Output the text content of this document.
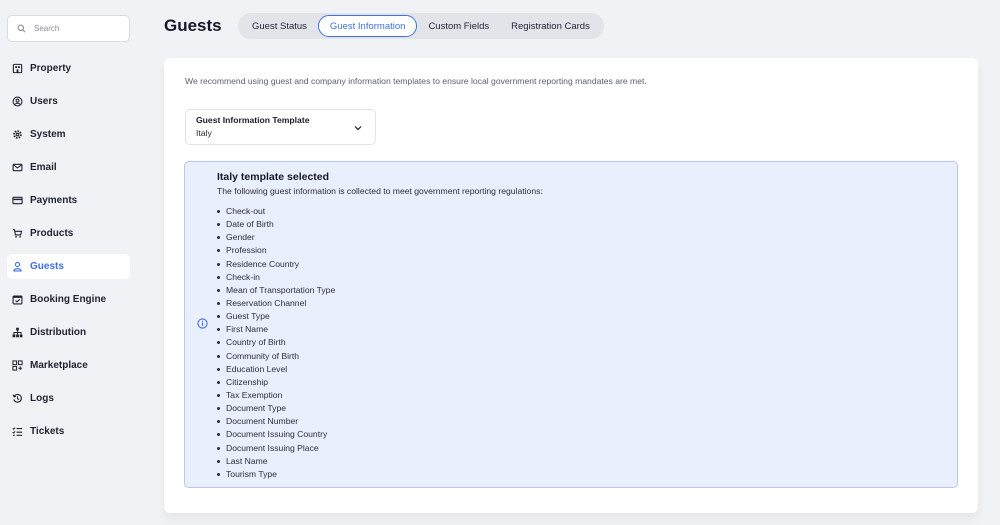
Search
Property
Users
System
Email
Payments
Products
Guests
Booking Engine
Distribution
Marketplace
Logs
Tickets
Guests	Guest Status	Guest Information	Custom Fields	Registration Cards

We recommend using guest and company information templates to ensure local government reporting mandates are met.

Guest Information Template
Italy
Italy template selected

The following guest information is collected to meet government reporting regulations:

Check-out
Date of Birth
Gender
Profession
Residence Country
Check-in
Mean of Transportation Type
Reservation Channel
Guest Type
First Name
Country of Birth
Community of Birth
Education Level
Citizenship
Tax Exemption
Document Type
Document Number
Document Issuing Country
Document Issuing Place
Last Name
Tourism Type
